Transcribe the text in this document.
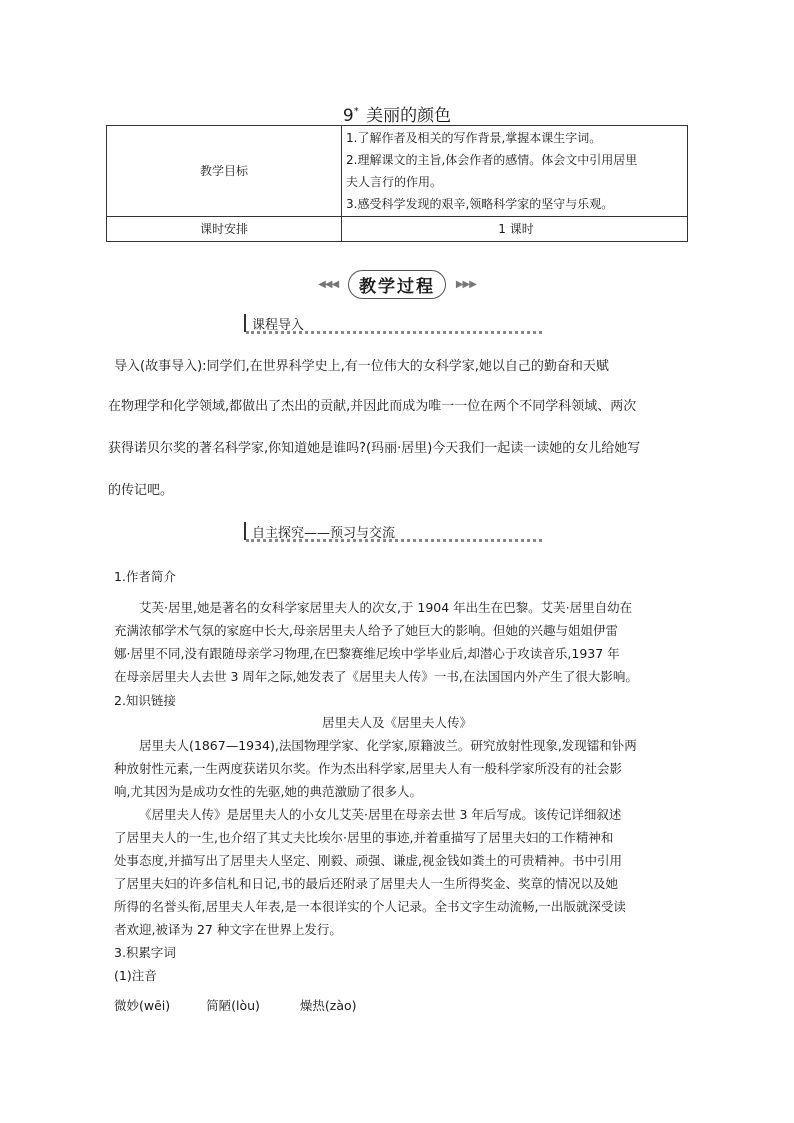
9* 美丽的颜色
教学目标	1.了解作者及相关的写作背景,掌握本课生字词。
2.理解课文的主旨,体会作者的感情。体会文中引用居里
夫人言行的作用。
3.感受科学发现的艰辛,领略科学家的坚守与乐观。

课时安排	1 课时
◀◀◀ 教学过程 ▶▶▶
课程导入
导入(故事导入):同学们,在世界科学史上,有一位伟大的女科学家,她以自己的勤奋和天赋
在物理学和化学领域,都做出了杰出的贡献,并因此而成为唯一一位在两个不同学科领域、两次
获得诺贝尔奖的著名科学家,你知道她是谁吗?(玛丽·居里)今天我们一起读一读她的女儿给她写
的传记吧。
自主探究——预习与交流
1.作者简介
艾芙·居里,她是著名的女科学家居里夫人的次女,于 1904 年出生在巴黎。艾芙·居里自幼在
充满浓郁学术气氛的家庭中长大,母亲居里夫人给予了她巨大的影响。但她的兴趣与姐姐伊雷
娜·居里不同,没有跟随母亲学习物理,在巴黎赛维尼埃中学毕业后,却潜心于攻读音乐,1937 年
在母亲居里夫人去世 3 周年之际,她发表了《居里夫人传》一书,在法国国内外产生了很大影响。
2.知识链接
居里夫人及《居里夫人传》
居里夫人(1867—1934),法国物理学家、化学家,原籍波兰。研究放射性现象,发现镭和钋两
种放射性元素,一生两度获诺贝尔奖。作为杰出科学家,居里夫人有一般科学家所没有的社会影
响,尤其因为是成功女性的先驱,她的典范激励了很多人。
《居里夫人传》是居里夫人的小女儿艾芙·居里在母亲去世 3 年后写成。该传记详细叙述
了居里夫人的一生,也介绍了其丈夫比埃尔·居里的事迹,并着重描写了居里夫妇的工作精神和
处事态度,并描写出了居里夫人坚定、刚毅、顽强、谦虚,视金钱如粪土的可贵精神。书中引用
了居里夫妇的许多信札和日记,书的最后还附录了居里夫人一生所得奖金、奖章的情况以及她
所得的名誉头衔,居里夫人年表,是一本很详实的个人记录。全书文字生动流畅,一出版就深受读
者欢迎,被译为 27 种文字在世界上发行。
3.积累字词
(1)注音
微妙(wēi)	简陋(lòu)	燥热(zào)
